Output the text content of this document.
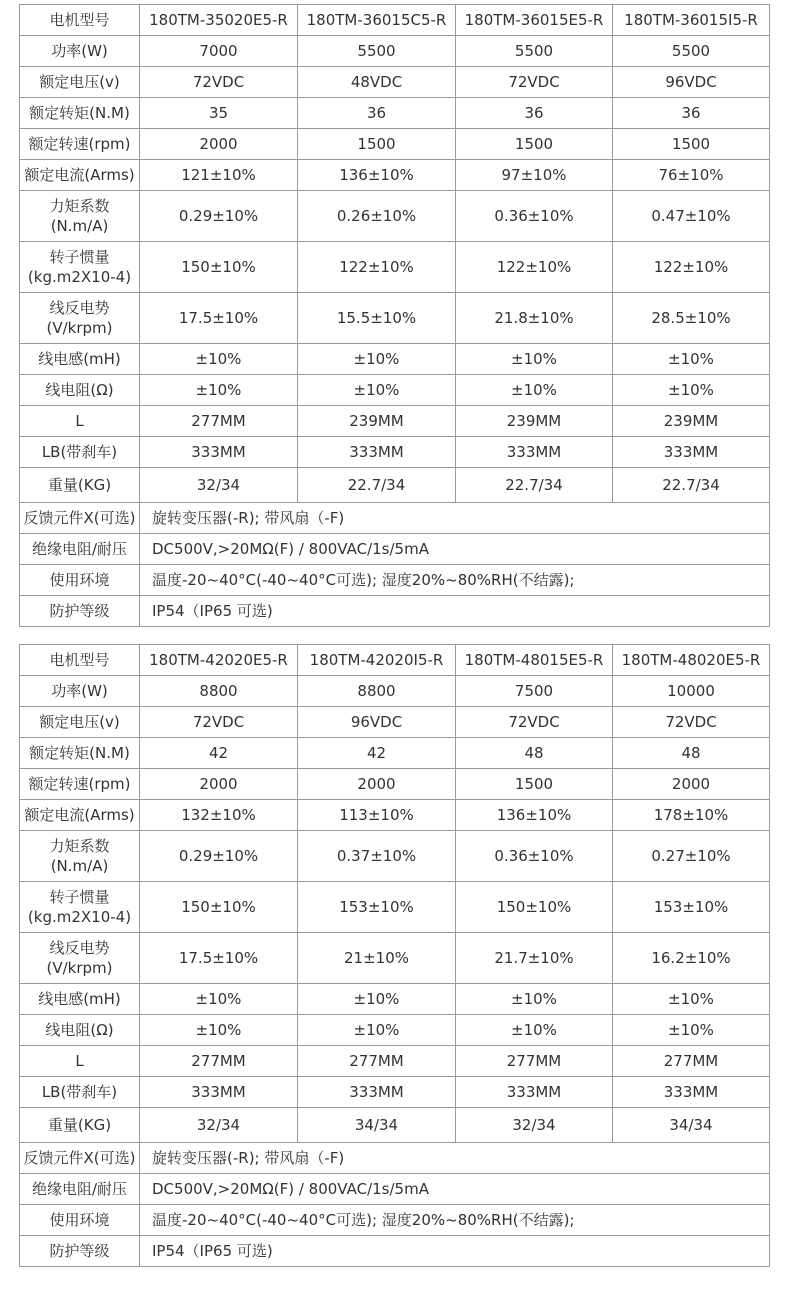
电机型号	180TM-35020E5-R	180TM-36015C5-R	180TM-36015E5-R	180TM-36015I5-R
功率(W)	7000	5500	5500	5500
额定电压(v)	72VDC	48VDC	72VDC	96VDC
额定转矩(N.M)	35	36	36	36
额定转速(rpm)	2000	1500	1500	1500
额定电流(Arms)	121±10%	136±10%	97±10%	76±10%

力矩系数
(N.m/A)	0.29±10%	0.26±10%	0.36±10%	0.47±10%

转子惯量
(kg.m2X10-4)	150±10%	122±10%	122±10%	122±10%

线反电势
(V/krpm)	17.5±10%	15.5±10%	21.8±10%	28.5±10%
线电感(mH)	±10%	±10%	±10%	±10%
线电阻(Ω)	±10%	±10%	±10%	±10%
L	277MM	239MM	239MM	239MM
LB(带刹车)	333MM	333MM	333MM	333MM
重量(KG)	32/34	22.7/34	22.7/34	22.7/34
反馈元件X(可选)	旋转变压器(-R); 带风扇（-F)			
绝缘电阻/耐压	DC500V,>20MΩ(F) / 800VAC/1s/5mA			
使用环境	温度-20~40°C(-40~40°C可选); 湿度20%~80%RH(不结露);			
防护等级	IP54（IP65 可选)			
电机型号	180TM-42020E5-R	180TM-42020I5-R	180TM-48015E5-R	180TM-48020E5-R
功率(W)	8800	8800	7500	10000
额定电压(v)	72VDC	96VDC	72VDC	72VDC
额定转矩(N.M)	42	42	48	48
额定转速(rpm)	2000	2000	1500	2000
额定电流(Arms)	132±10%	113±10%	136±10%	178±10%

力矩系数
(N.m/A)	0.29±10%	0.37±10%	0.36±10%	0.27±10%

转子惯量
(kg.m2X10-4)	150±10%	153±10%	150±10%	153±10%

线反电势
(V/krpm)	17.5±10%	21±10%	21.7±10%	16.2±10%
线电感(mH)	±10%	±10%	±10%	±10%
线电阻(Ω)	±10%	±10%	±10%	±10%
L	277MM	277MM	277MM	277MM
LB(带刹车)	333MM	333MM	333MM	333MM
重量(KG)	32/34	34/34	32/34	34/34
反馈元件X(可选)	旋转变压器(-R); 带风扇（-F)			
绝缘电阻/耐压	DC500V,>20MΩ(F) / 800VAC/1s/5mA			
使用环境	温度-20~40°C(-40~40°C可选); 湿度20%~80%RH(不结露);			
防护等级	IP54（IP65 可选)			
